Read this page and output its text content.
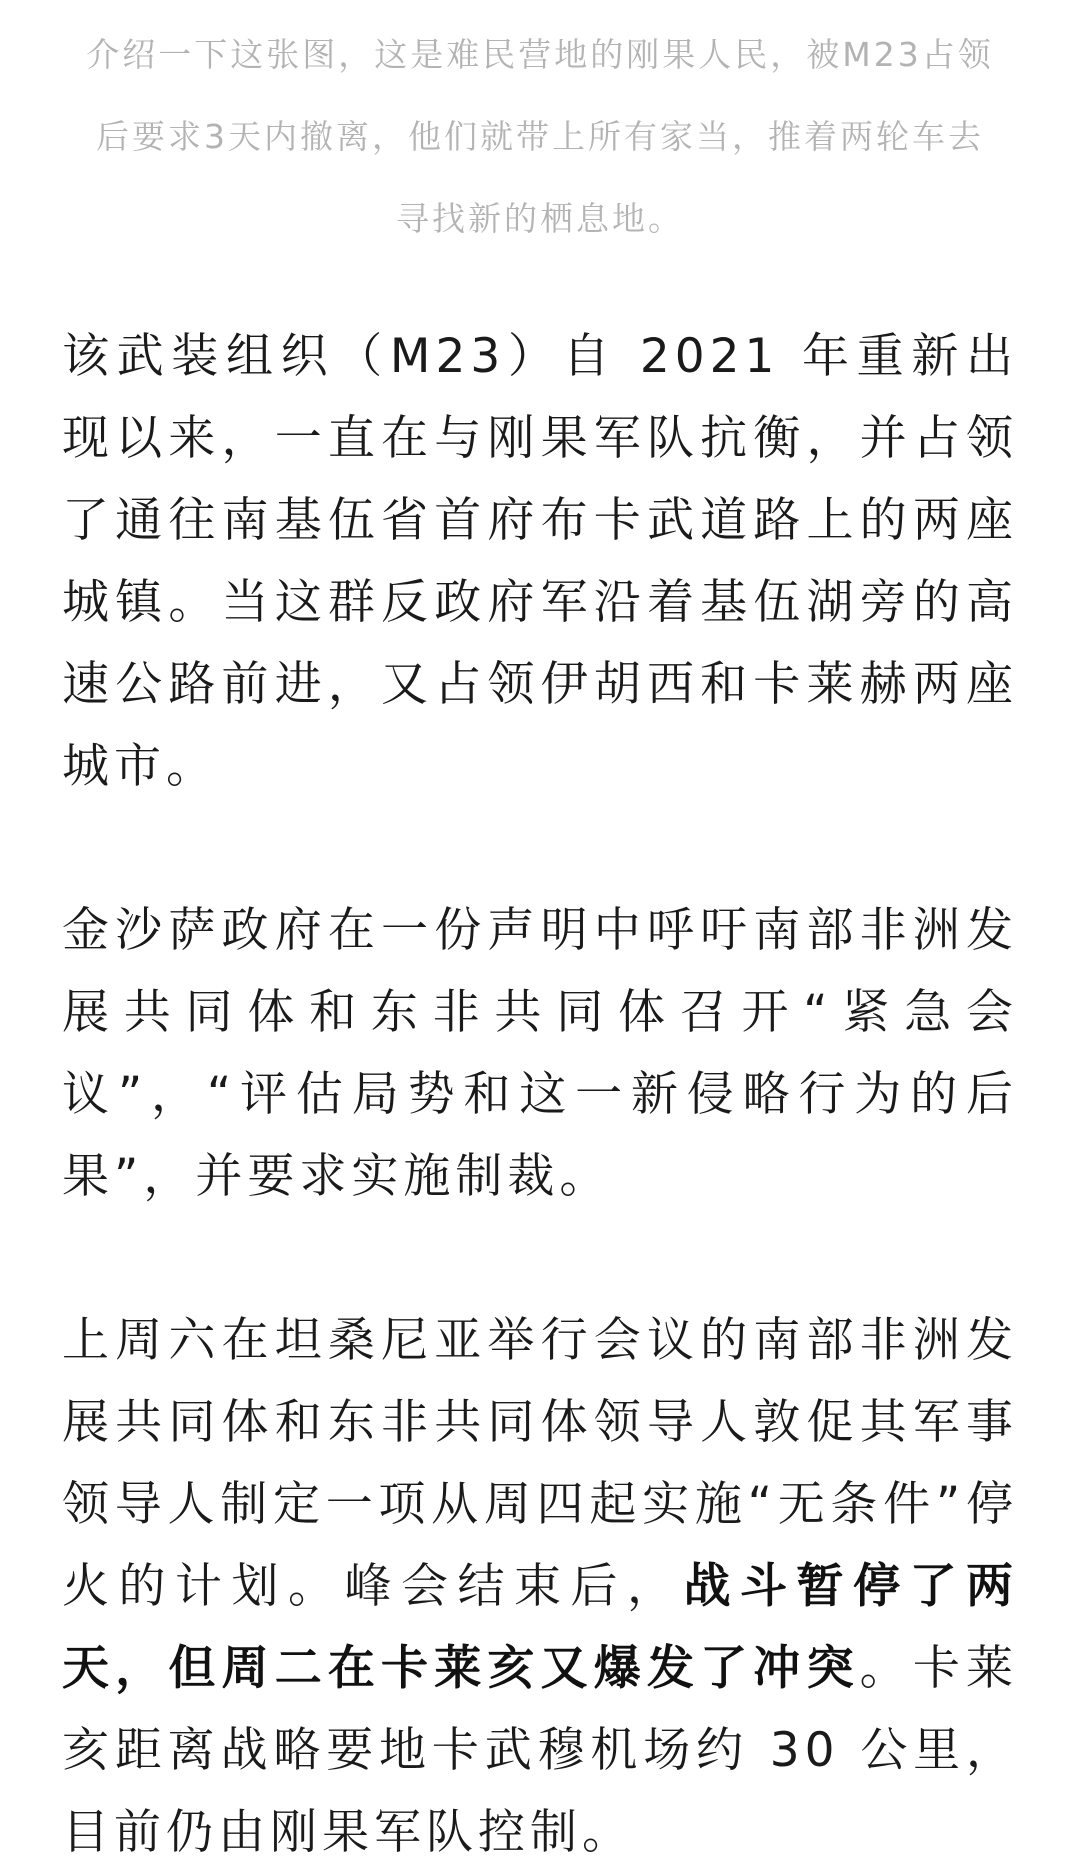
介绍一下这张图，这是难民营地的刚果人民，被M23占领后要求3天内撤离，他们就带上所有家当，推着两轮车去寻找新的栖息地。

该武装组织（M23）自 2021 年重新出现以来，一直在与刚果军队抗衡，并占领了通往南基伍省首府布卡武道路上的两座城镇。当这群反政府军沿着基伍湖旁的高速公路前进，又占领伊胡西和卡莱赫两座城市。

金沙萨政府在一份声明中呼吁南部非洲发展共同体和东非共同体召开“紧急会议”，“评估局势和这一新侵略行为的后果”，并要求实施制裁。

上周六在坦桑尼亚举行会议的南部非洲发展共同体和东非共同体领导人敦促其军事领导人制定一项从周四起实施“无条件”停火的计划。峰会结束后，战斗暂停了两天，但周二在卡莱亥又爆发了冲突。卡莱亥距离战略要地卡武穆机场约 30 公里，目前仍由刚果军队控制。
